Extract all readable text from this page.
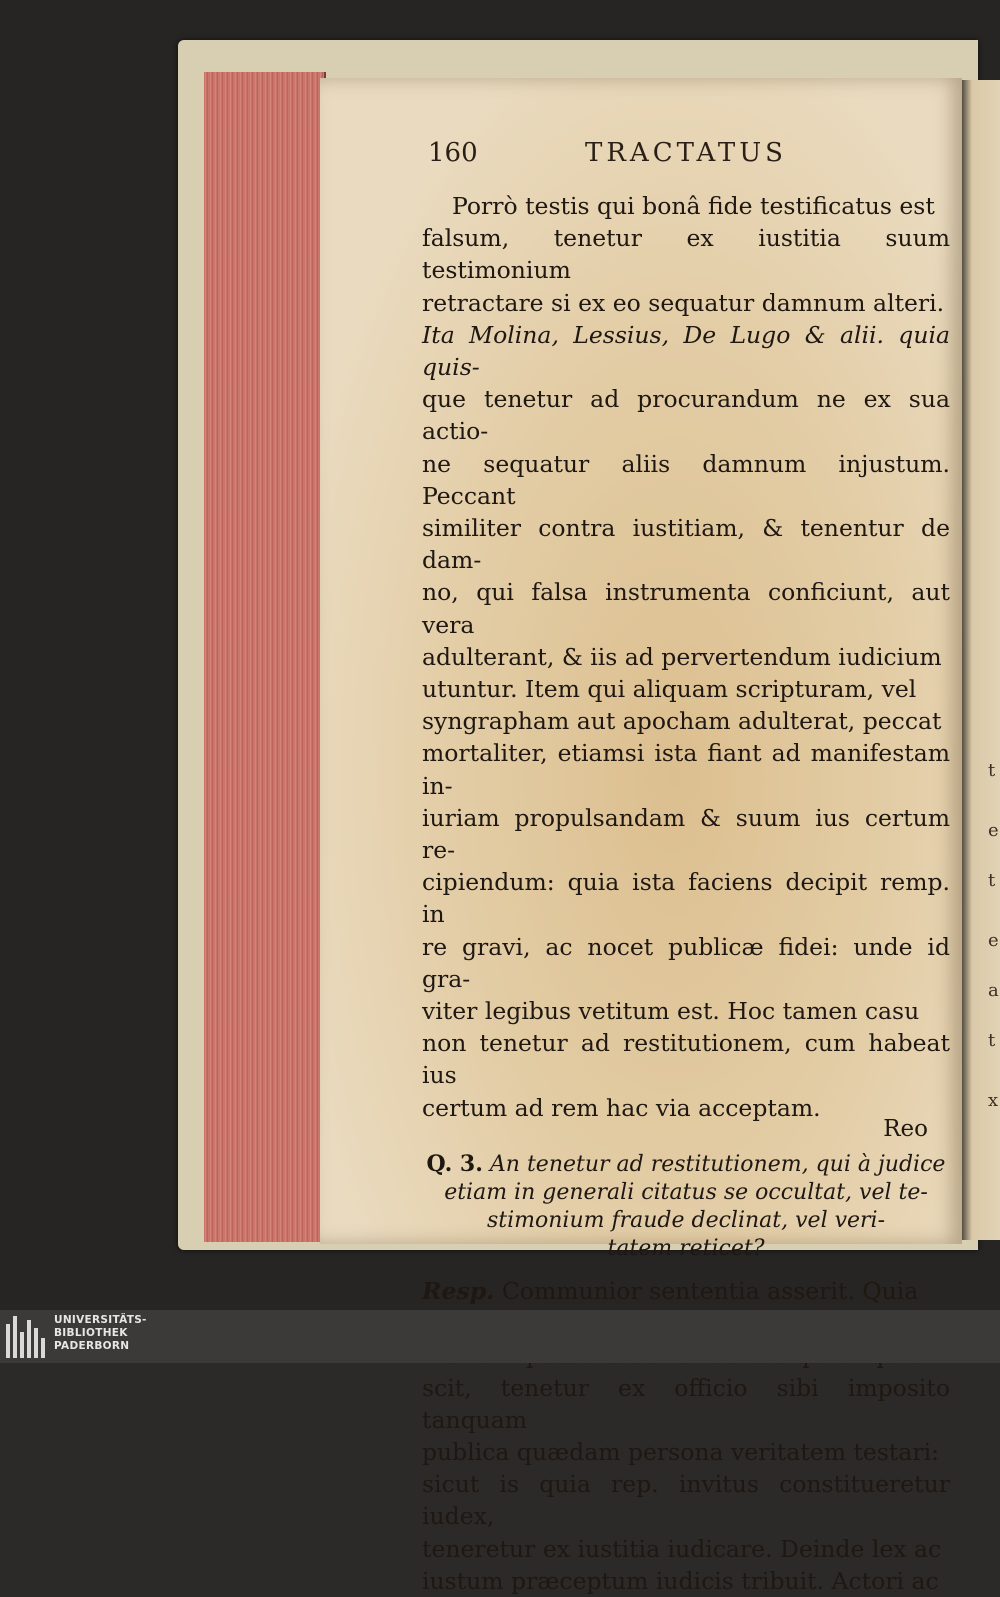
t
e
t
e
a
t
x
160	TRACTATUS
Porrò testis qui bonâ fide testificatus est
falsum, tenetur ex iustitia suum testimonium
retractare si ex eo sequatur damnum alteri.
Ita Molina, Lessius, De Lugo & alii. quia quis-
que tenetur ad procurandum ne ex sua actio-
ne sequatur aliis damnum injustum. Peccant
similiter contra iustitiam, & tenentur de dam-
no, qui falsa instrumenta conficiunt, aut vera
adulterant, & iis ad pervertendum iudicium
utuntur. Item qui aliquam scripturam, vel
syngrapham aut apocham adulterat, peccat
mortaliter, etiamsi ista fiant ad manifestam in-
iuriam propulsandam & suum ius certum re-
cipiendum: quia ista faciens decipit remp. in
re gravi, ac nocet publicæ fidei: unde id gra-
viter legibus vetitum est. Hoc tamen casu
non tenetur ad restitutionem, cum habeat ius
certum ad rem hac via acceptam.
Q. 3. An tenetur ad restitutionem, qui à judice
etiam in generali citatus se occultat, vel te-
stimonium fraude declinat, vel veri-
tatem reticet?
Resp. Communior sententia asserit. Quia
scit, tenetur ex officio sibi imposito tanquam
publica quædam persona veritatem testari:
sicut is quia rep. invitus constitueretur iudex,
teneretur ex iustitia iudicare. Deinde lex ac
iustum præceptum iudicis tribuit. Actori ac
Reo
UNIVERSITÄTS-
BIBLIOTHEK
PADERBORN
